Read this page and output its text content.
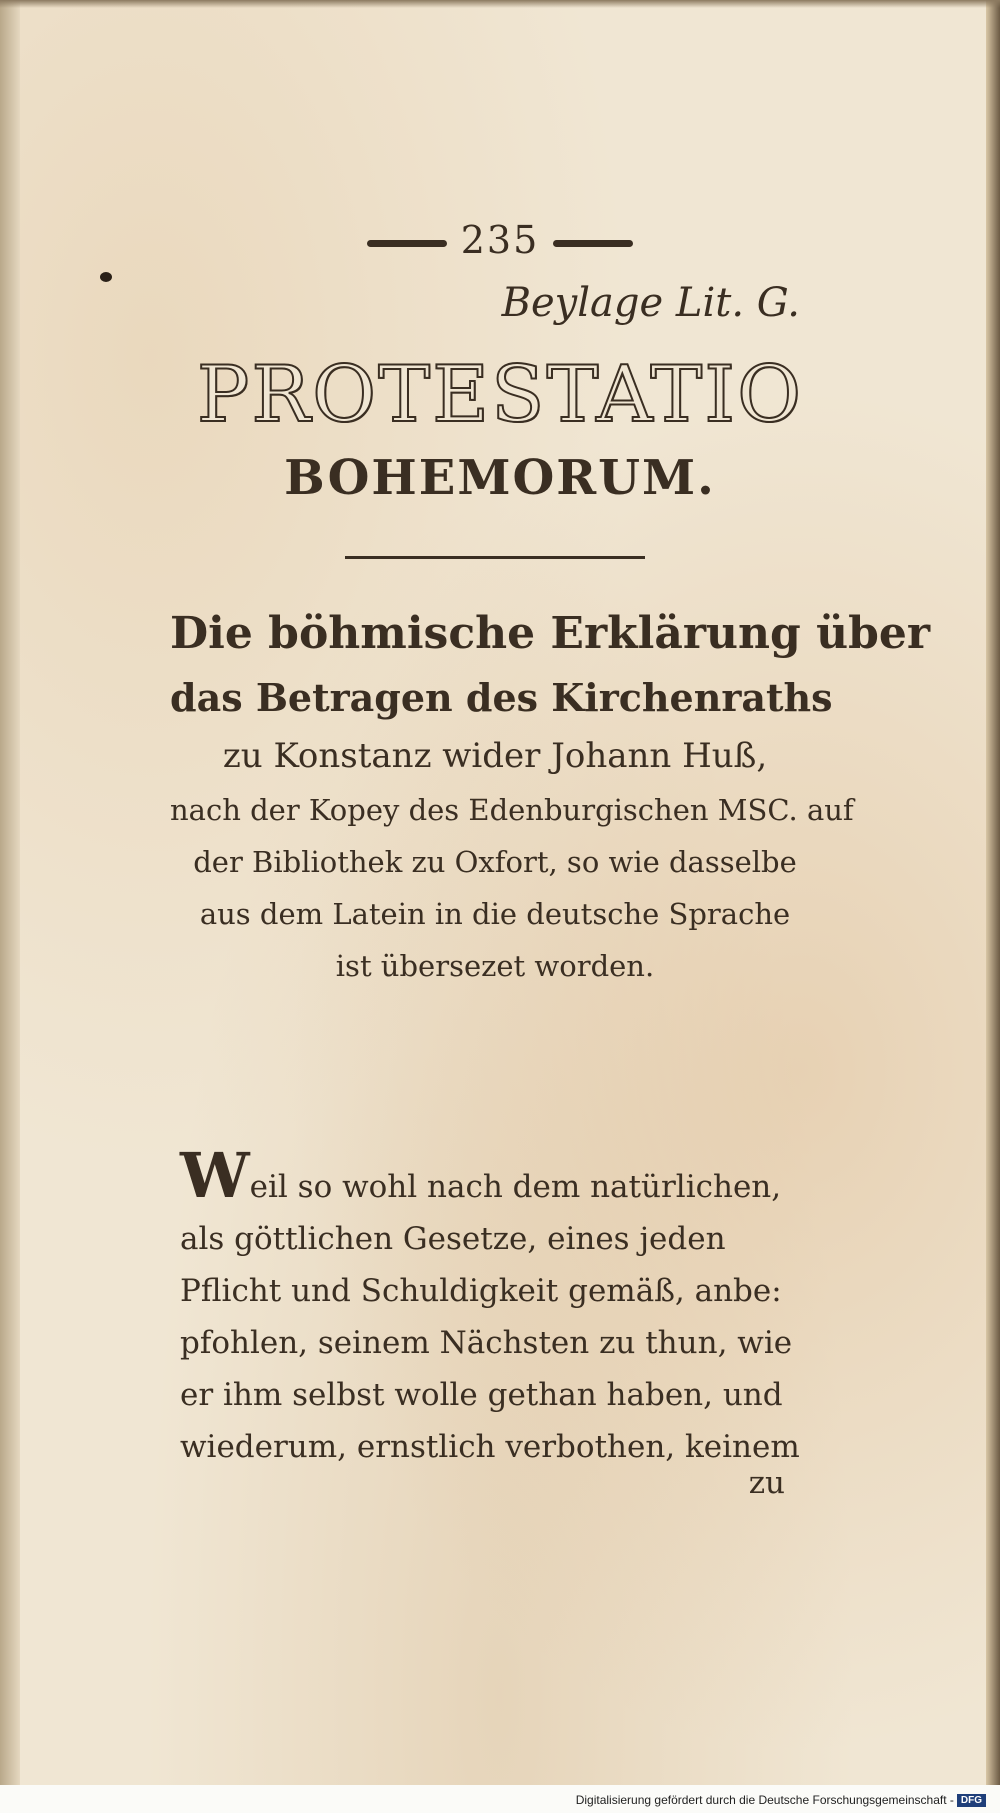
235
Beylage Lit. G.
PROTESTATIO
BOHEMORUM.
Die böhmische Erklärung über
das Betragen des Kirchenraths
zu Konstanz wider Johann Huß,
nach der Kopey des Edenburgischen MSC. auf
der Bibliothek zu Oxfort, so wie dasselbe
aus dem Latein in die deutsche Sprache
ist übersezet worden.
Weil so wohl nach dem natürlichen,
als göttlichen Gesetze, eines jeden
Pflicht und Schuldigkeit gemäß, anbe:
pfohlen, seinem Nächsten zu thun, wie
er ihm selbst wolle gethan haben, und
wiederum, ernstlich verbothen, keinem
zu
Digitalisierung gefördert durch die Deutsche Forschungsgemeinschaft - DFG
